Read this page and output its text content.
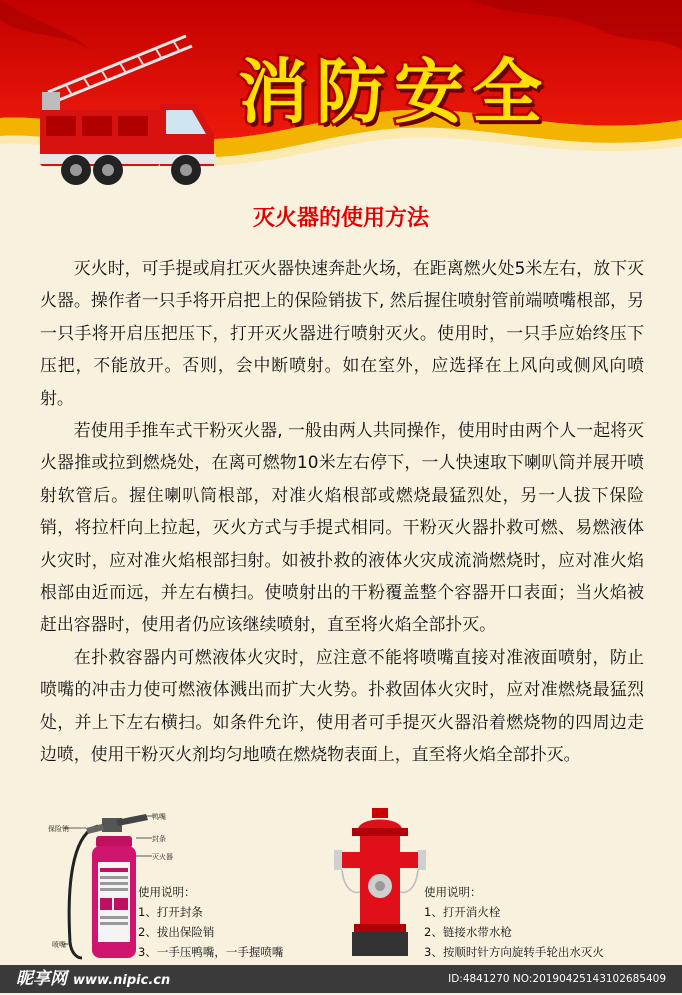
消防安全
灭火器的使用方法

灭火时，可手提或肩扛灭火器快速奔赴火场，在距离燃火处5米左右，放下灭火器。操作者一只手将开启把上的保险销拔下, 然后握住喷射管前端喷嘴根部，另一只手将开启压把压下，打开灭火器进行喷射灭火。使用时，一只手应始终压下压把，不能放开。否则，会中断喷射。如在室外，应选择在上风向或侧风向喷射。

若使用手推车式干粉灭火器, 一般由两人共同操作，使用时由两个人一起将灭火器推或拉到燃烧处，在离可燃物10米左右停下，一人快速取下喇叭筒并展开喷射软管后。握住喇叭筒根部，对准火焰根部或燃烧最猛烈处，另一人拔下保险销，将拉杆向上拉起，灭火方式与手提式相同。干粉灭火器扑救可燃、易燃液体火灾时，应对准火焰根部扫射。如被扑救的液体火灾成流淌燃烧时，应对准火焰根部由近而远，并左右横扫。使喷射出的干粉覆盖整个容器开口表面；当火焰被赶出容器时，使用者仍应该继续喷射，直至将火焰全部扑灭。

在扑救容器内可燃液体火灾时，应注意不能将喷嘴直接对准液面喷射，防止喷嘴的冲击力使可燃液体溅出而扩大火势。扑救固体火灾时，应对准燃烧最猛烈处，并上下左右横扫。如条件允许，使用者可手提灭火器沿着燃烧物的四周边走边喷，使用干粉灭火剂均匀地喷在燃烧物表面上，直至将火焰全部扑灭。

鸭嘴
保险销
封条
灭火器
喷嘴
使用说明：
1、打开封条
2、拔出保险销
3、一手压鸭嘴，一手握喷嘴
使用说明：
1、打开消火栓
2、链接水带水枪
3、按顺时针方向旋转手轮出水灭火
昵享网 www.nipic.cn	ID:4841270 NO:20190425143102685409
